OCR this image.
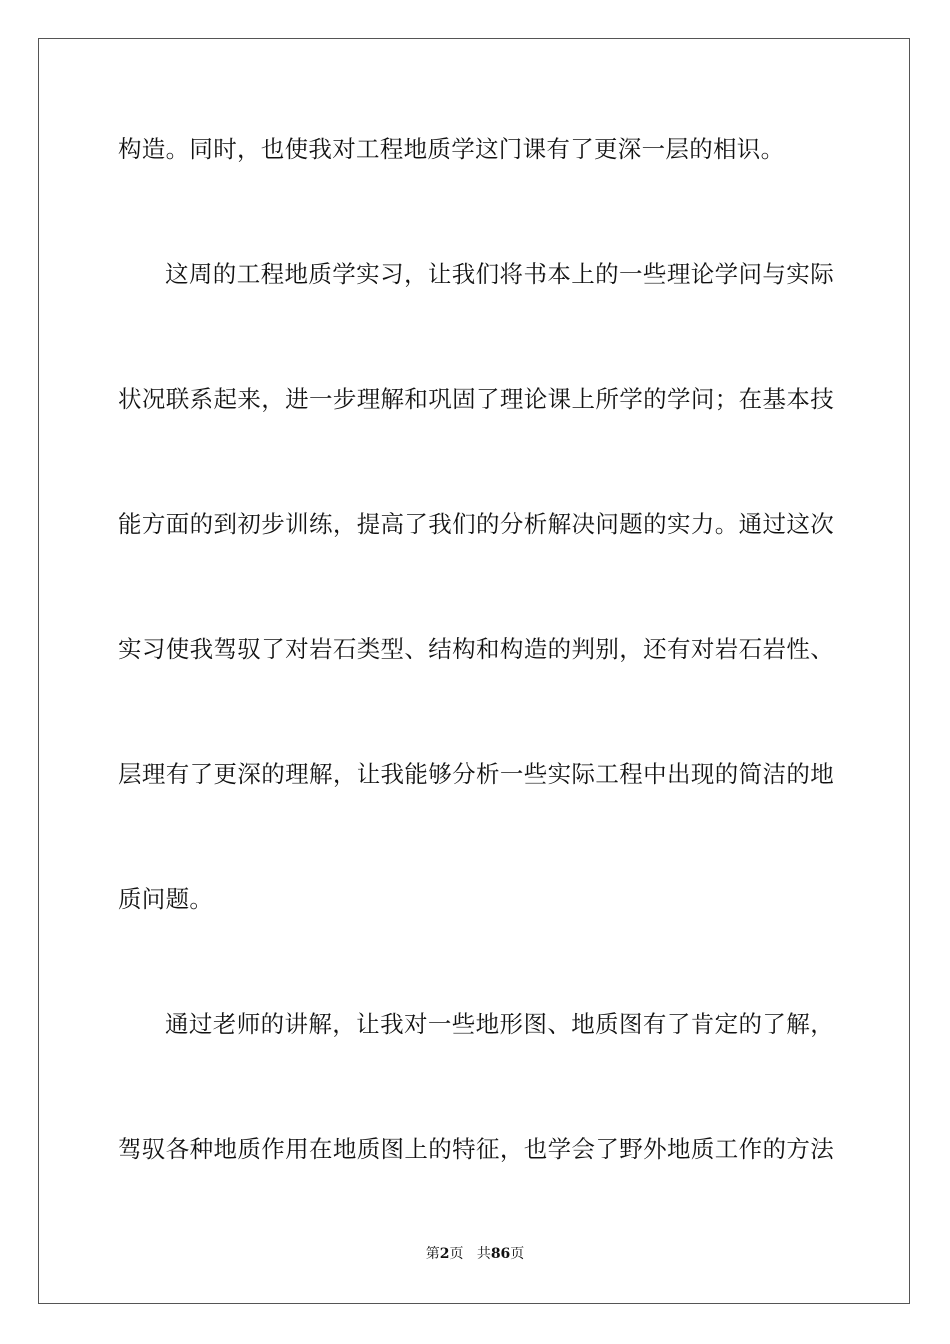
构造。同时，也使我对工程地质学这门课有了更深一层的相识。
这周的工程地质学实习，让我们将书本上的一些理论学问与实际
状况联系起来，进一步理解和巩固了理论课上所学的学问；在基本技
能方面的到初步训练，提高了我们的分析解决问题的实力。通过这次
实习使我驾驭了对岩石类型、结构和构造的判别，还有对岩石岩性、
层理有了更深的理解，让我能够分析一些实际工程中出现的简洁的地
质问题。
通过老师的讲解，让我对一些地形图、地质图有了肯定的了解，
驾驭各种地质作用在地质图上的特征，也学会了野外地质工作的方法
第2页 共86页
